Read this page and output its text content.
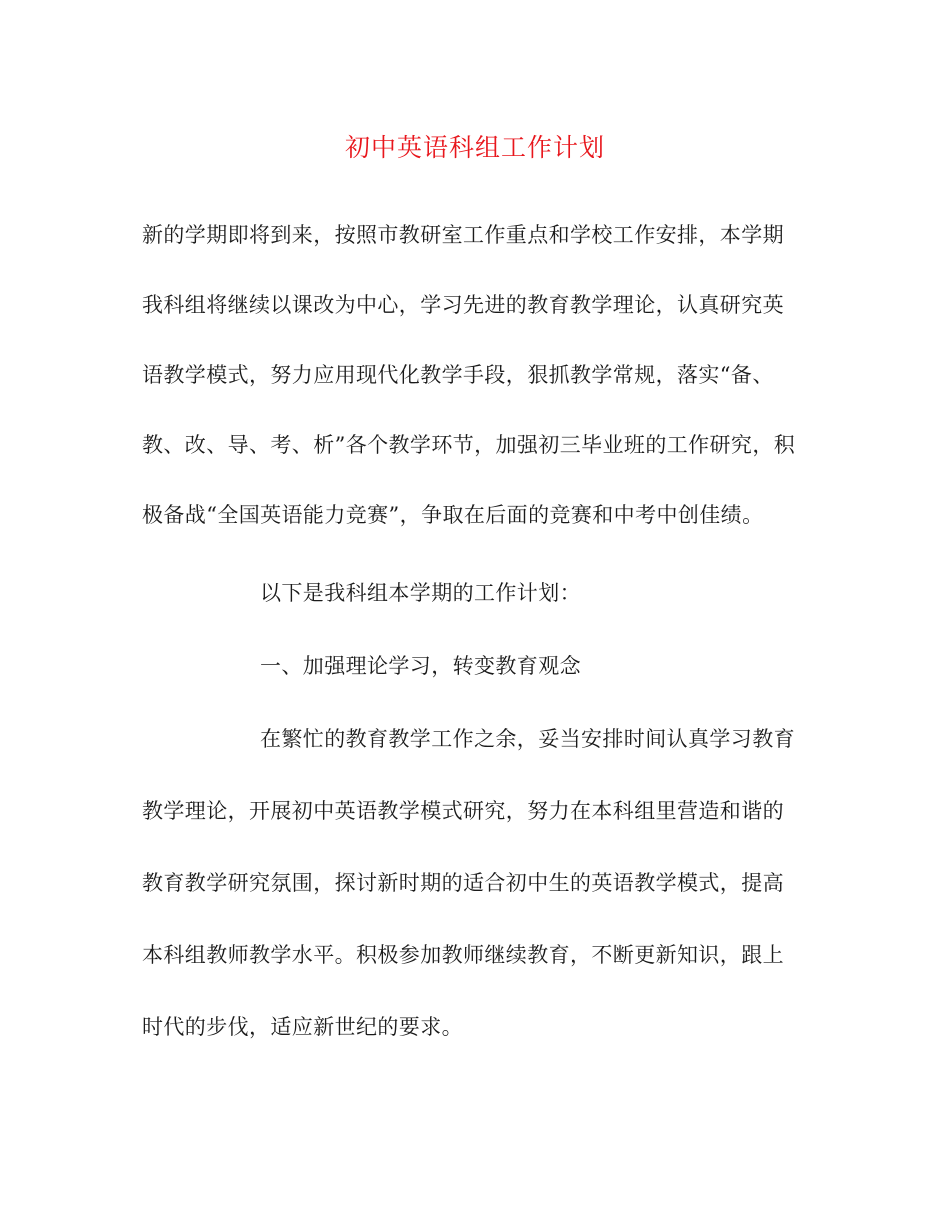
初中英语科组工作计划
新的学期即将到来，按照市教研室工作重点和学校工作安排，本学期
我科组将继续以课改为中心，学习先进的教育教学理论，认真研究英
语教学模式，努力应用现代化教学手段，狠抓教学常规，落实“备、
教、改、导、考、析”各个教学环节，加强初三毕业班的工作研究，积
极备战“全国英语能力竞赛”，争取在后面的竞赛和中考中创佳绩。
以下是我科组本学期的工作计划：
一、加强理论学习，转变教育观念
在繁忙的教育教学工作之余，妥当安排时间认真学习教育
教学理论，开展初中英语教学模式研究，努力在本科组里营造和谐的
教育教学研究氛围，探讨新时期的适合初中生的英语教学模式，提高
本科组教师教学水平。积极参加教师继续教育，不断更新知识，跟上
时代的步伐，适应新世纪的要求。
